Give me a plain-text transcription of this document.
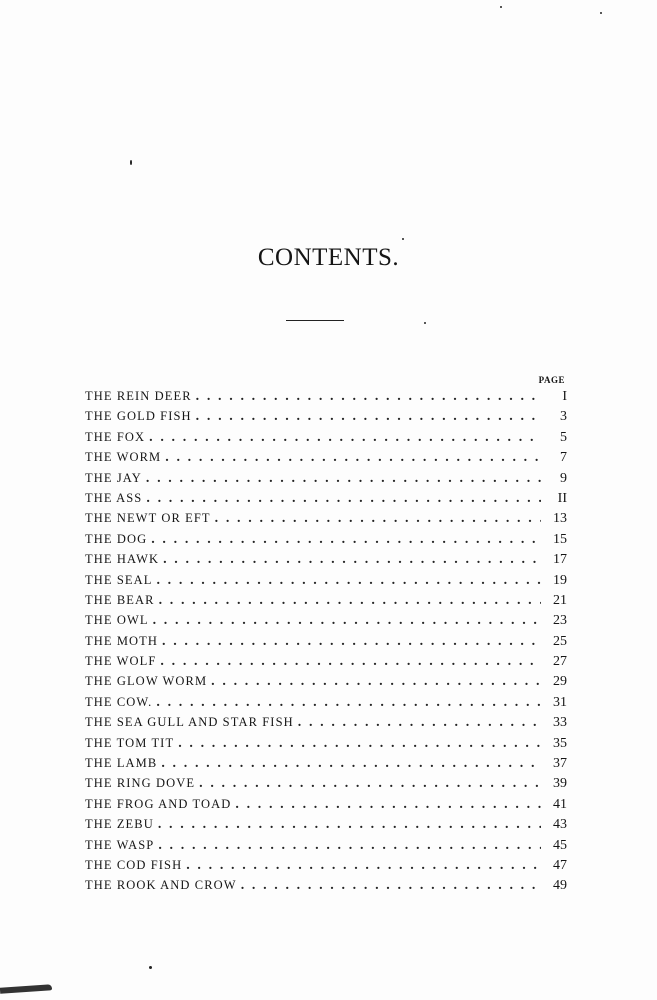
CONTENTS.
PAGE
THE REIN DEER . . .	I
THE GOLD FISH . . .	3
THE FOX . . .	5
THE WORM . . .	7
THE JAY . . .	9
THE ASS . . .	II
THE NEWT OR EFT . . .	13
THE DOG . . .	15
THE HAWK . . .	17
THE SEAL . . .	19
THE BEAR . . .	21
THE OWL . . .	23
THE MOTH . . .	25
THE WOLF . . .	27
THE GLOW WORM . . .	29
THE COW. . . .	31
THE SEA GULL AND STAR FISH . . .	33
THE TOM TIT . . .	35
THE LAMB . . .	37
THE RING DOVE . . .	39
THE FROG AND TOAD . . .	41
THE ZEBU . . .	43
THE WASP . . .	45
THE COD FISH . . .	47
THE ROOK AND CROW . . .	49
